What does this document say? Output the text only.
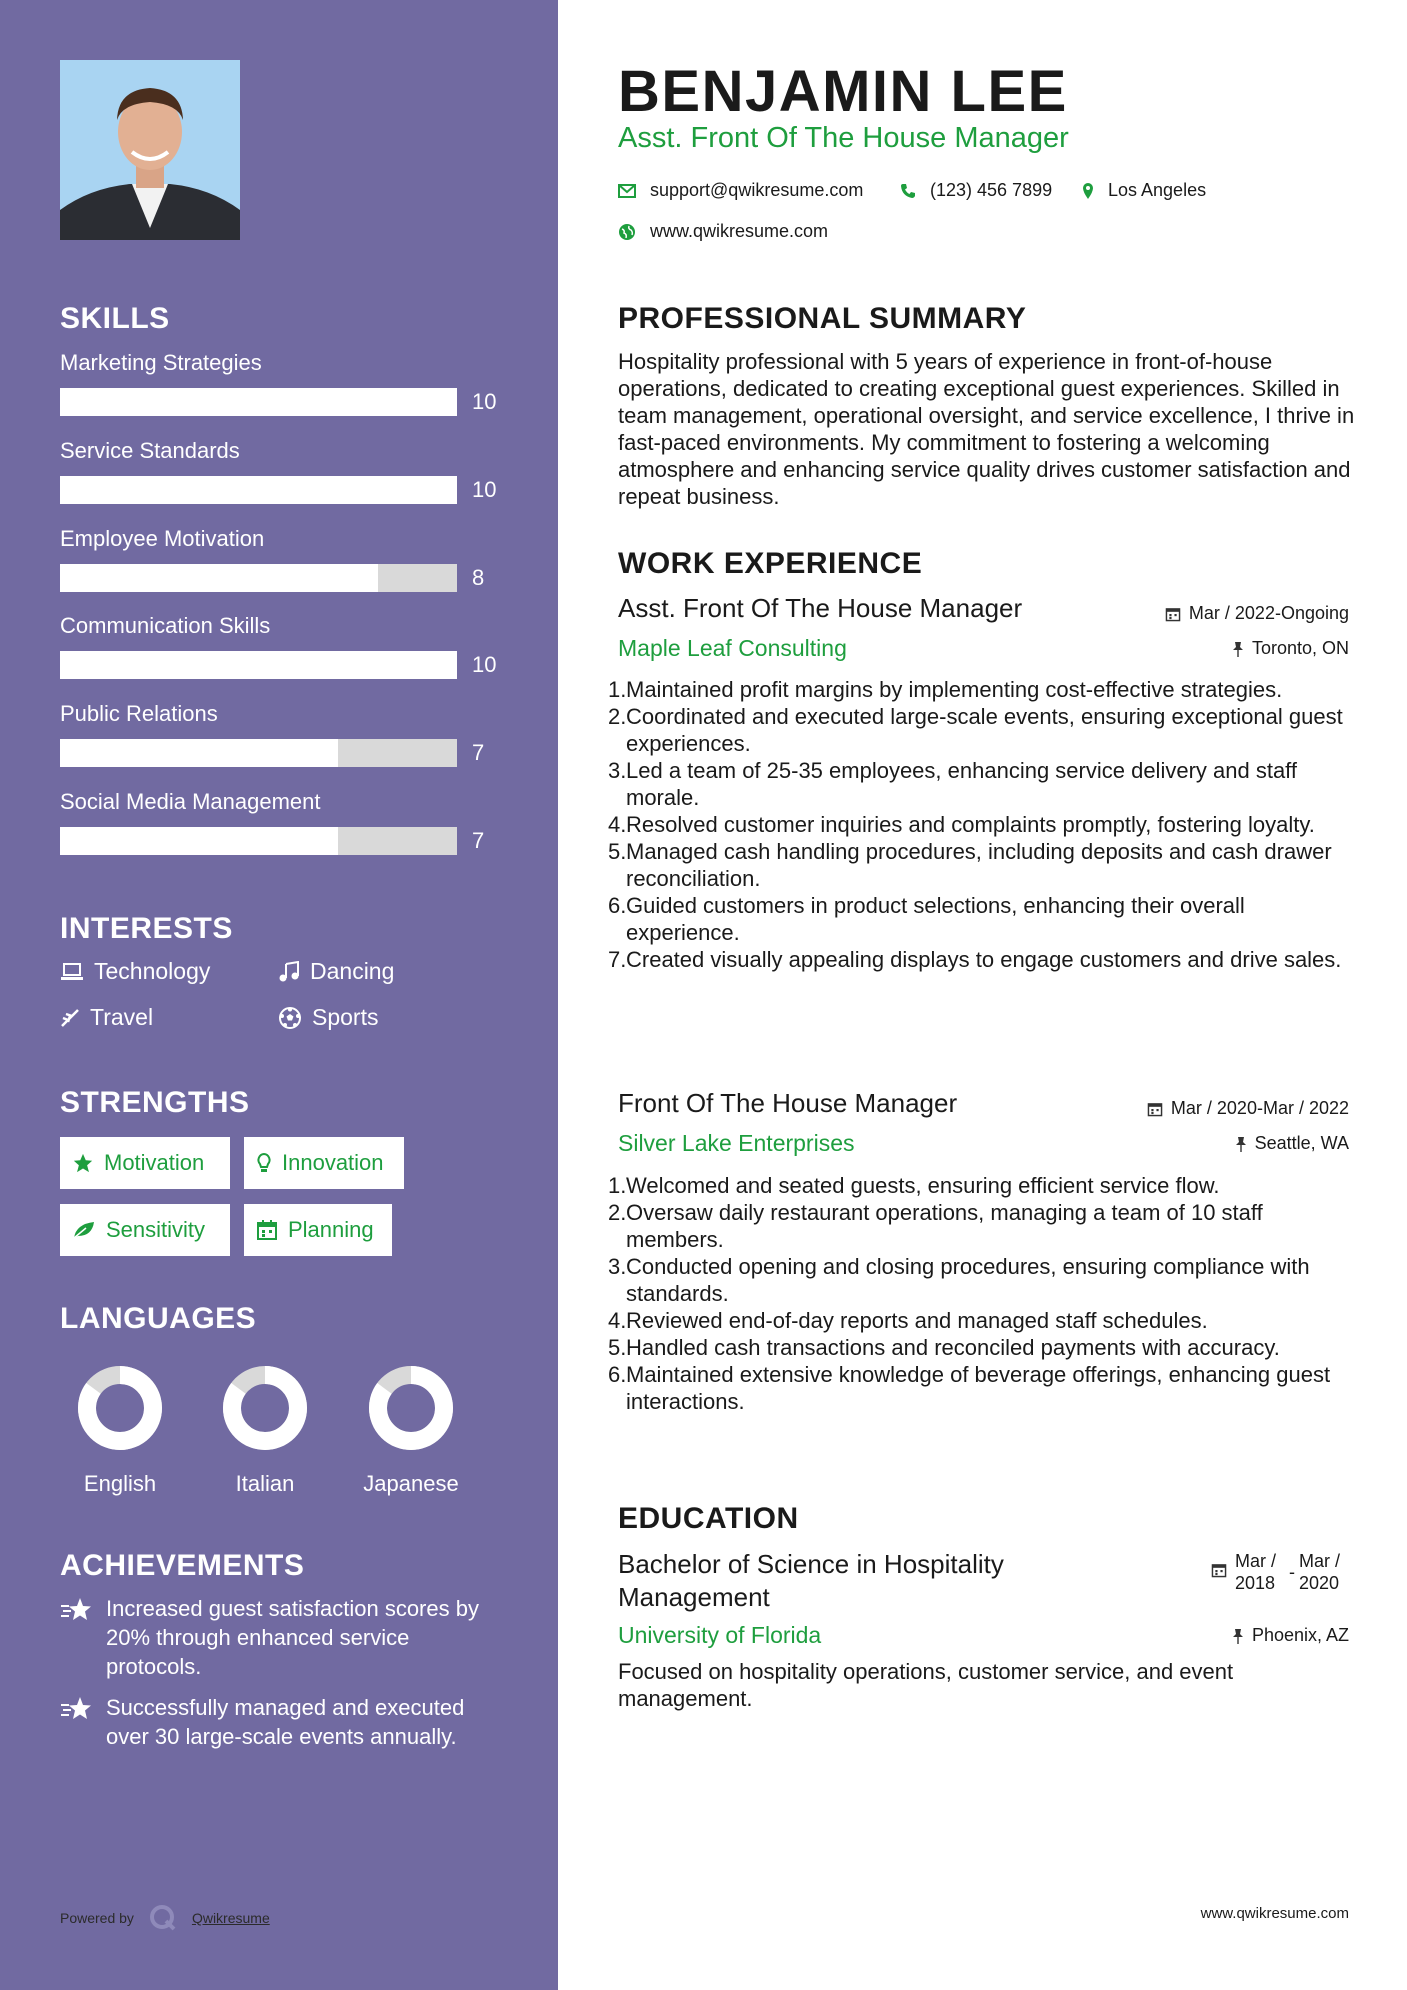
SKILLS

Marketing Strategies

10

Service Standards

10

Employee Motivation

8

Communication Skills

10

Public Relations

7

Social Media Management

7
INTERESTS
Technology	Dancing
Travel	Sports
STRENGTHS
Motivation	Innovation
Sensitivity	Planning
LANGUAGES
English	Italian	Japanese
ACHIEVEMENTS
Increased guest satisfaction scores by 20% through enhanced service protocols.
Successfully managed and executed over 30 large-scale events annually.
Powered by	Qwikresume
BENJAMIN LEE

Asst. Front Of The House Manager

support@qwikresume.com	(123) 456 7899	Los Angeles
www.qwikresume.com
PROFESSIONAL SUMMARY

Hospitality professional with 5 years of experience in front-of-house operations, dedicated to creating exceptional guest experiences. Skilled in team management, operational oversight, and service excellence, I thrive in fast-paced environments. My commitment to fostering a welcoming atmosphere and enhancing service quality drives customer satisfaction and repeat business.

WORK EXPERIENCE

Asst. Front Of The House Manager	Mar / 2022-Ongoing

Maple Leaf Consulting	Toronto, ON
1.Maintained profit margins by implementing cost-effective strategies.
2.Coordinated and executed large-scale events, ensuring exceptional guest experiences.
3.Led a team of 25-35 employees, enhancing service delivery and staff morale.
4.Resolved customer inquiries and complaints promptly, fostering loyalty.
5.Managed cash handling procedures, including deposits and cash drawer reconciliation.
6.Guided customers in product selections, enhancing their overall experience.
7.Created visually appealing displays to engage customers and drive sales.

Front Of The House Manager	Mar / 2020-Mar / 2022

Silver Lake Enterprises	Seattle, WA
1.Welcomed and seated guests, ensuring efficient service flow.
2.Oversaw daily restaurant operations, managing a team of 10 staff members.
3.Conducted opening and closing procedures, ensuring compliance with standards.
4.Reviewed end-of-day reports and managed staff schedules.
5.Handled cash transactions and reconciled payments with accuracy.
6.Maintained extensive knowledge of beverage offerings, enhancing guest interactions.
EDUCATION

Bachelor of Science in Hospitality Management

Mar / 2018
-
Mar / 2020

University of Florida	Phoenix, AZ

Focused on hospitality operations, customer service, and event management.

www.qwikresume.com
